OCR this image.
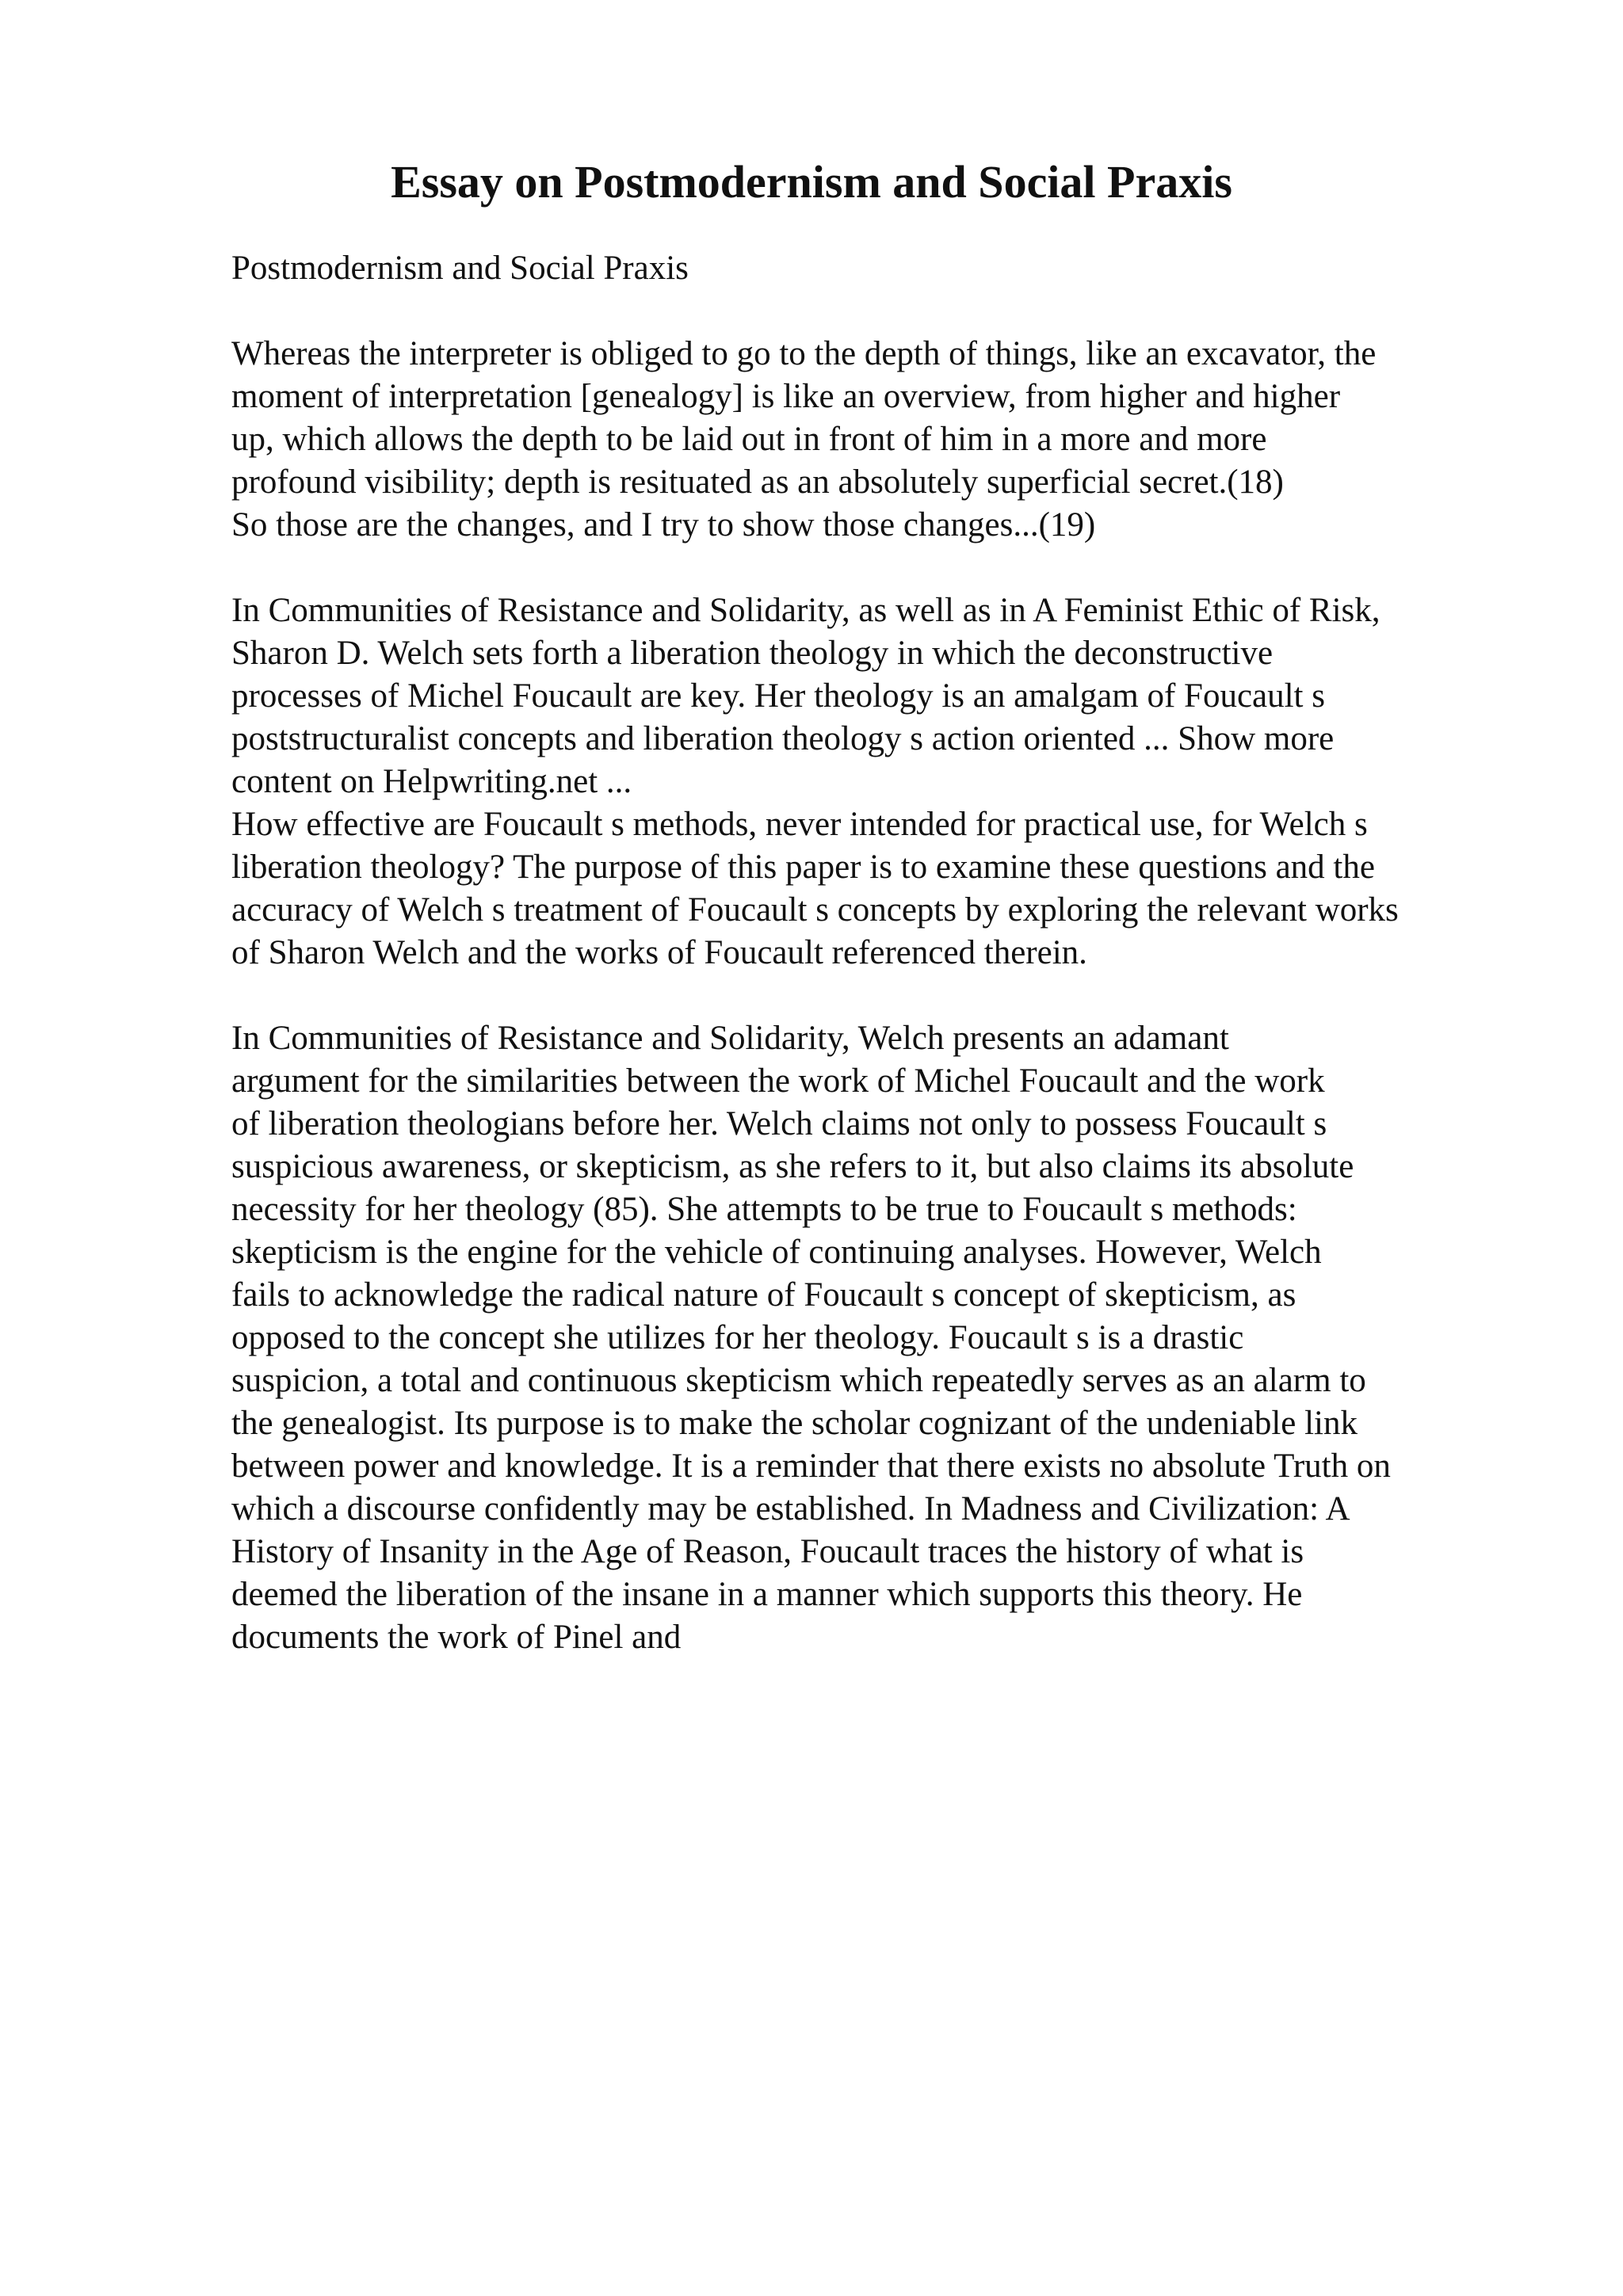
Essay on Postmodernism and Social Praxis
Postmodernism and Social Praxis
Whereas the interpreter is obliged to go to the depth of things, like an excavator, the
moment of interpretation [genealogy] is like an overview, from higher and higher
up, which allows the depth to be laid out in front of him in a more and more
profound visibility; depth is resituated as an absolutely superficial secret.(18)
So those are the changes, and I try to show those changes...(19)
In Communities of Resistance and Solidarity, as well as in A Feminist Ethic of Risk,
Sharon D. Welch sets forth a liberation theology in which the deconstructive
processes of Michel Foucault are key. Her theology is an amalgam of Foucault s
poststructuralist concepts and liberation theology s action oriented ... Show more
content on Helpwriting.net ...
How effective are Foucault s methods, never intended for practical use, for Welch s
liberation theology? The purpose of this paper is to examine these questions and the
accuracy of Welch s treatment of Foucault s concepts by exploring the relevant works
of Sharon Welch and the works of Foucault referenced therein.
In Communities of Resistance and Solidarity, Welch presents an adamant
argument for the similarities between the work of Michel Foucault and the work
of liberation theologians before her. Welch claims not only to possess Foucault s
suspicious awareness, or skepticism, as she refers to it, but also claims its absolute
necessity for her theology (85). She attempts to be true to Foucault s methods:
skepticism is the engine for the vehicle of continuing analyses. However, Welch
fails to acknowledge the radical nature of Foucault s concept of skepticism, as
opposed to the concept she utilizes for her theology. Foucault s is a drastic
suspicion, a total and continuous skepticism which repeatedly serves as an alarm to
the genealogist. Its purpose is to make the scholar cognizant of the undeniable link
between power and knowledge. It is a reminder that there exists no absolute Truth on
which a discourse confidently may be established. In Madness and Civilization: A
History of Insanity in the Age of Reason, Foucault traces the history of what is
deemed the liberation of the insane in a manner which supports this theory. He
documents the work of Pinel and
